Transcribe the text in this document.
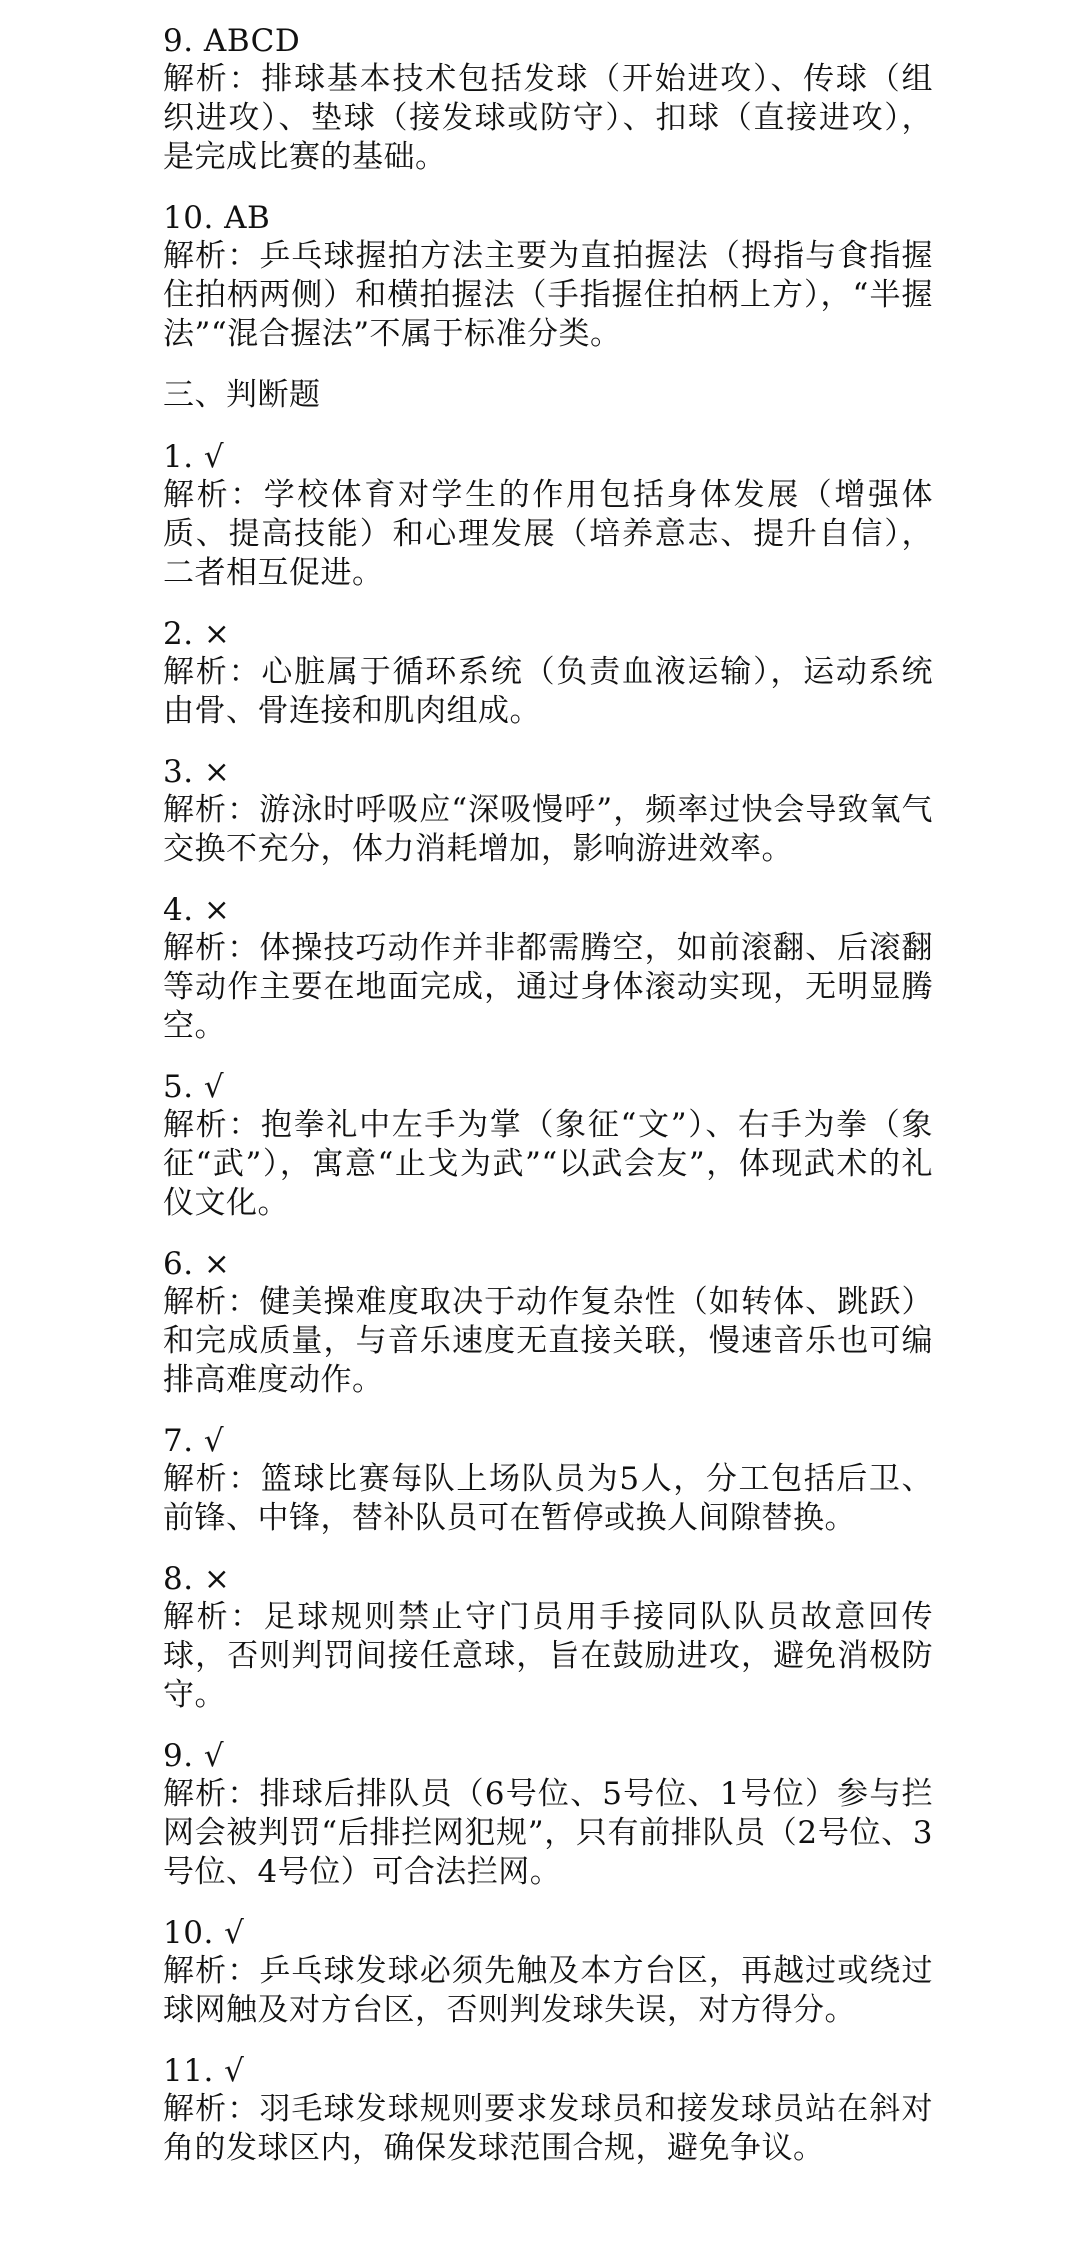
9. ABCD

解析：排球基本技术包括发球（开始进攻）、传球（组织进攻）、垫球（接发球或防守）、扣球（直接进攻），是完成比赛的基础。

10. AB

解析：乒乓球握拍方法主要为直拍握法（拇指与食指握住拍柄两侧）和横拍握法（手指握住拍柄上方），“半握法”“混合握法”不属于标准分类。

三、判断题
1. √

解析：学校体育对学生的作用包括身体发展（增强体质、提高技能）和心理发展（培养意志、提升自信），二者相互促进。

2. ×

解析：心脏属于循环系统（负责血液运输），运动系统由骨、骨连接和肌肉组成。

3. ×

解析：游泳时呼吸应“深吸慢呼”，频率过快会导致氧气交换不充分，体力消耗增加，影响游进效率。

4. ×

解析：体操技巧动作并非都需腾空，如前滚翻、后滚翻等动作主要在地面完成，通过身体滚动实现，无明显腾空。

5. √

解析：抱拳礼中左手为掌（象征“文”）、右手为拳（象征“武”），寓意“止戈为武”“以武会友”，体现武术的礼仪文化。

6. ×

解析：健美操难度取决于动作复杂性（如转体、跳跃）和完成质量，与音乐速度无直接关联，慢速音乐也可编排高难度动作。

7. √

解析：篮球比赛每队上场队员为5人，分工包括后卫、前锋、中锋，替补队员可在暂停或换人间隙替换。

8. ×

解析：足球规则禁止守门员用手接同队队员故意回传球，否则判罚间接任意球，旨在鼓励进攻，避免消极防守。

9. √

解析：排球后排队员（6号位、5号位、1号位）参与拦网会被判罚“后排拦网犯规”，只有前排队员（2号位、3号位、4号位）可合法拦网。

10. √

解析：乒乓球发球必须先触及本方台区，再越过或绕过球网触及对方台区，否则判发球失误，对方得分。

11. √

解析：羽毛球发球规则要求发球员和接发球员站在斜对角的发球区内，确保发球范围合规，避免争议。
